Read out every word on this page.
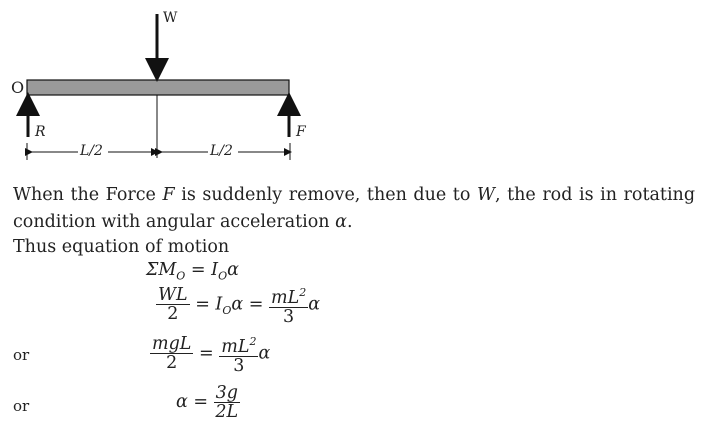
W
O
R	F
L/2	L/2
When the Force F is suddenly remove, then due to W, the rod is in rotating
condition with angular acceleration α.
Thus equation of motion
$\Sigma M_O = I_O\alpha$
$\frac{WL}{2} = I_O\alpha = \frac{mL^2}{3}$ α
or	$\frac{\text{mgL}}{2} = \frac{mL^2}{3}$ α
or	$\alpha = \frac{3g}{2L}$
